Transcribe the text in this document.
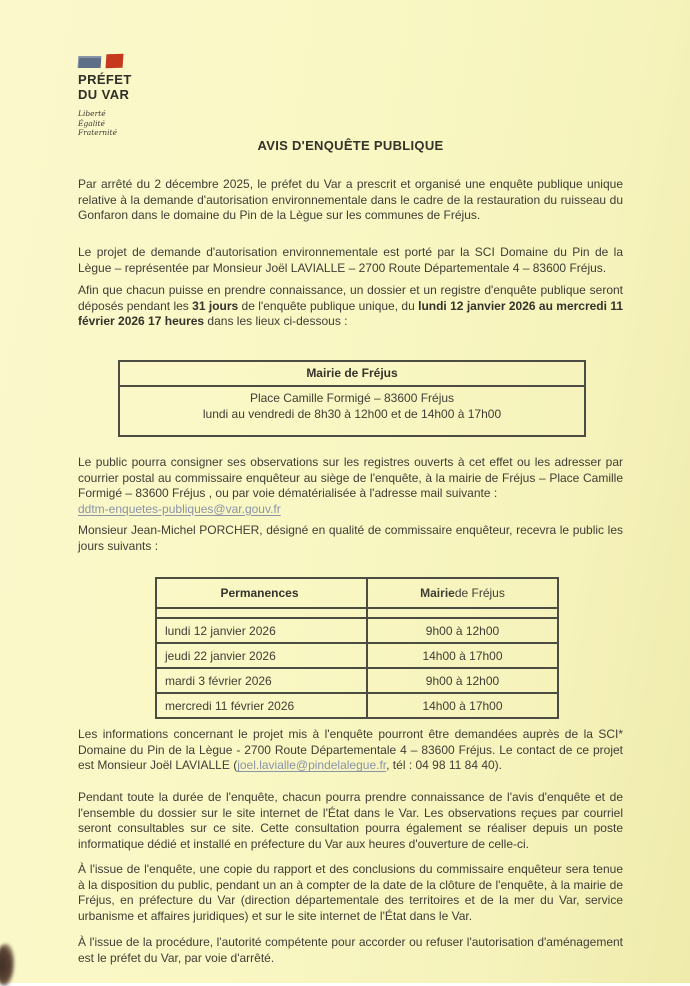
PRÉFET
DU VAR
Liberté
Égalité
Fraternité
AVIS D'ENQUÊTE PUBLIQUE
Par arrêté du 2 décembre 2025, le préfet du Var a prescrit et organisé une enquête publique unique relative à la demande d'autorisation environnementale dans le cadre de la restauration du ruisseau du Gonfaron dans le domaine du Pin de la Lègue sur les communes de Fréjus.
Le projet de demande d'autorisation environnementale est porté par la SCI Domaine du Pin de la Lègue – représentée par Monsieur Joël LAVIALLE – 2700 Route Départementale 4 – 83600 Fréjus.
Afin que chacun puisse en prendre connaissance, un dossier et un registre d'enquête publique seront déposés pendant les 31 jours de l'enquête publique unique, du lundi 12 janvier 2026 au mercredi 11 février 2026 17 heures dans les lieux ci-dessous :
Mairie de Fréjus
Place Camille Formigé – 83600 Fréjus
lundi au vendredi de 8h30 à 12h00 et de 14h00 à 17h00
Le public pourra consigner ses observations sur les registres ouverts à cet effet ou les adresser par courrier postal au commissaire enquêteur au siège de l'enquête, à la mairie de Fréjus – Place Camille Formigé – 83600 Fréjus , ou par voie dématérialisée à l'adresse mail suivante :
ddtm-enquetes-publiques@var.gouv.fr
Monsieur Jean-Michel PORCHER, désigné en qualité de commissaire enquêteur, recevra le public les jours suivants :
Permanences	Mairie de Fréjus
lundi 12 janvier 2026	9h00 à 12h00
jeudi 22 janvier 2026	14h00 à 17h00
mardi 3 février 2026	9h00 à 12h00
mercredi 11 février 2026	14h00 à 17h00
Les informations concernant le projet mis à l'enquête pourront être demandées auprès de la SCI* Domaine du Pin de la Lègue - 2700 Route Départementale 4 – 83600 Fréjus. Le contact de ce projet est Monsieur Joël LAVIALLE (joel.lavialle@pindelalegue.fr, tél : 04 98 11 84 40).
Pendant toute la durée de l'enquête, chacun pourra prendre connaissance de l'avis d'enquête et de l'ensemble du dossier sur le site internet de l'État dans le Var. Les observations reçues par courriel seront consultables sur ce site. Cette consultation pourra également se réaliser depuis un poste informatique dédié et installé en préfecture du Var aux heures d'ouverture de celle-ci.
À l'issue de l'enquête, une copie du rapport et des conclusions du commissaire enquêteur sera tenue à la disposition du public, pendant un an à compter de la date de la clôture de l'enquête, à la mairie de Fréjus, en préfecture du Var (direction départementale des territoires et de la mer du Var, service urbanisme et affaires juridiques) et sur le site internet de l'État dans le Var.
À l'issue de la procédure, l'autorité compétente pour accorder ou refuser l'autorisation d'aménagement est le préfet du Var, par voie d'arrêté.
